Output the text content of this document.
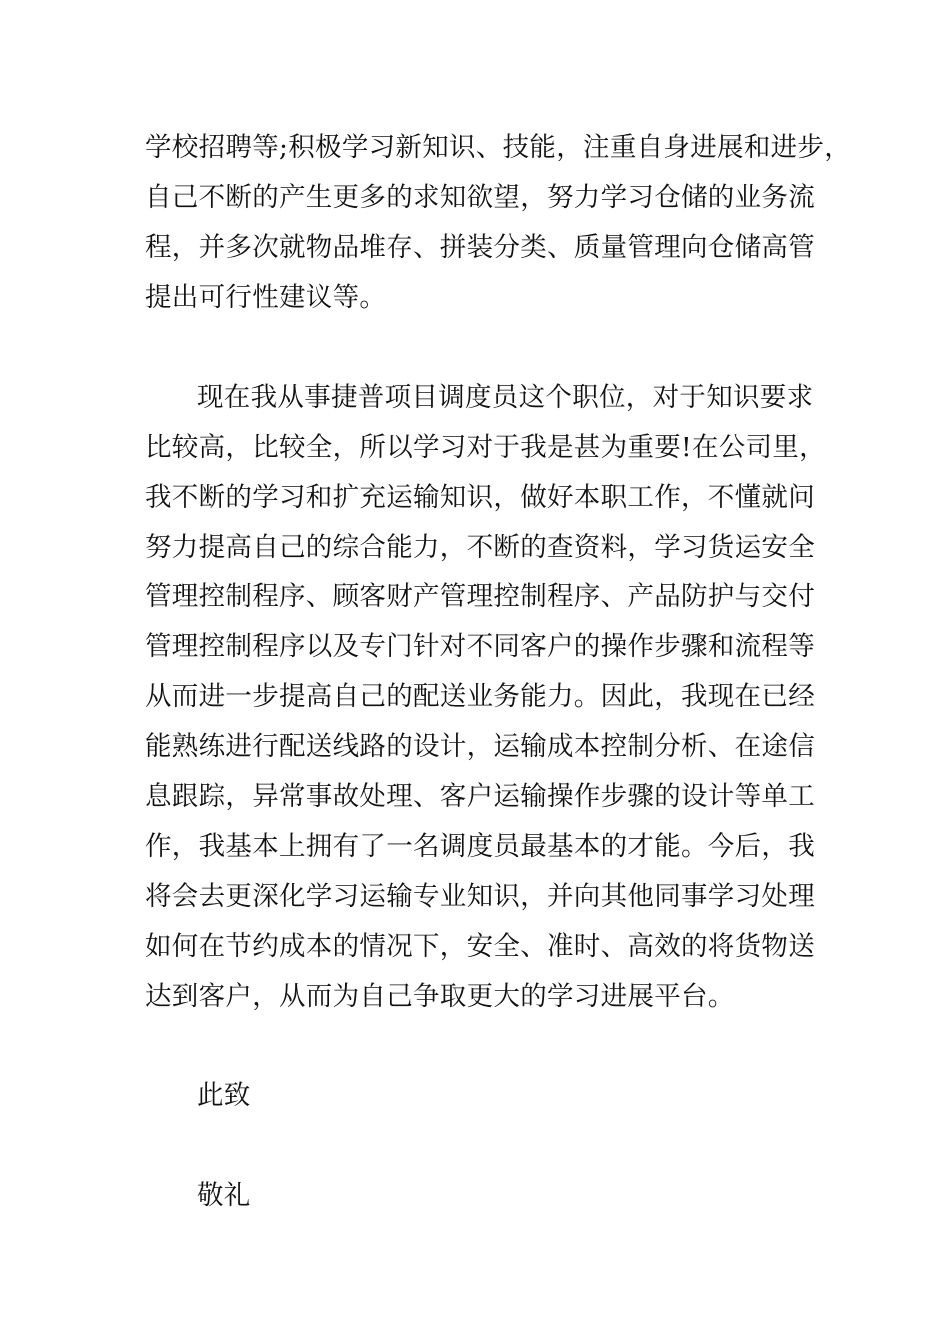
学校招聘等;积极学习新知识、技能，注重自身进展和进步，
自己不断的产生更多的求知欲望，努力学习仓储的业务流
程，并多次就物品堆存、拼装分类、质量管理向仓储高管
提出可行性建议等。
现在我从事捷普项目调度员这个职位，对于知识要求
比较高，比较全，所以学习对于我是甚为重要!在公司里，
我不断的学习和扩充运输知识，做好本职工作，不懂就问
努力提高自己的综合能力，不断的查资料，学习货运安全
管理控制程序、顾客财产管理控制程序、产品防护与交付
管理控制程序以及专门针对不同客户的操作步骤和流程等
从而进一步提高自己的配送业务能力。因此，我现在已经
能熟练进行配送线路的设计，运输成本控制分析、在途信
息跟踪，异常事故处理、客户运输操作步骤的设计等单工
作，我基本上拥有了一名调度员最基本的才能。今后，我
将会去更深化学习运输专业知识，并向其他同事学习处理
如何在节约成本的情况下，安全、准时、高效的将货物送
达到客户，从而为自己争取更大的学习进展平台。
此致
敬礼
